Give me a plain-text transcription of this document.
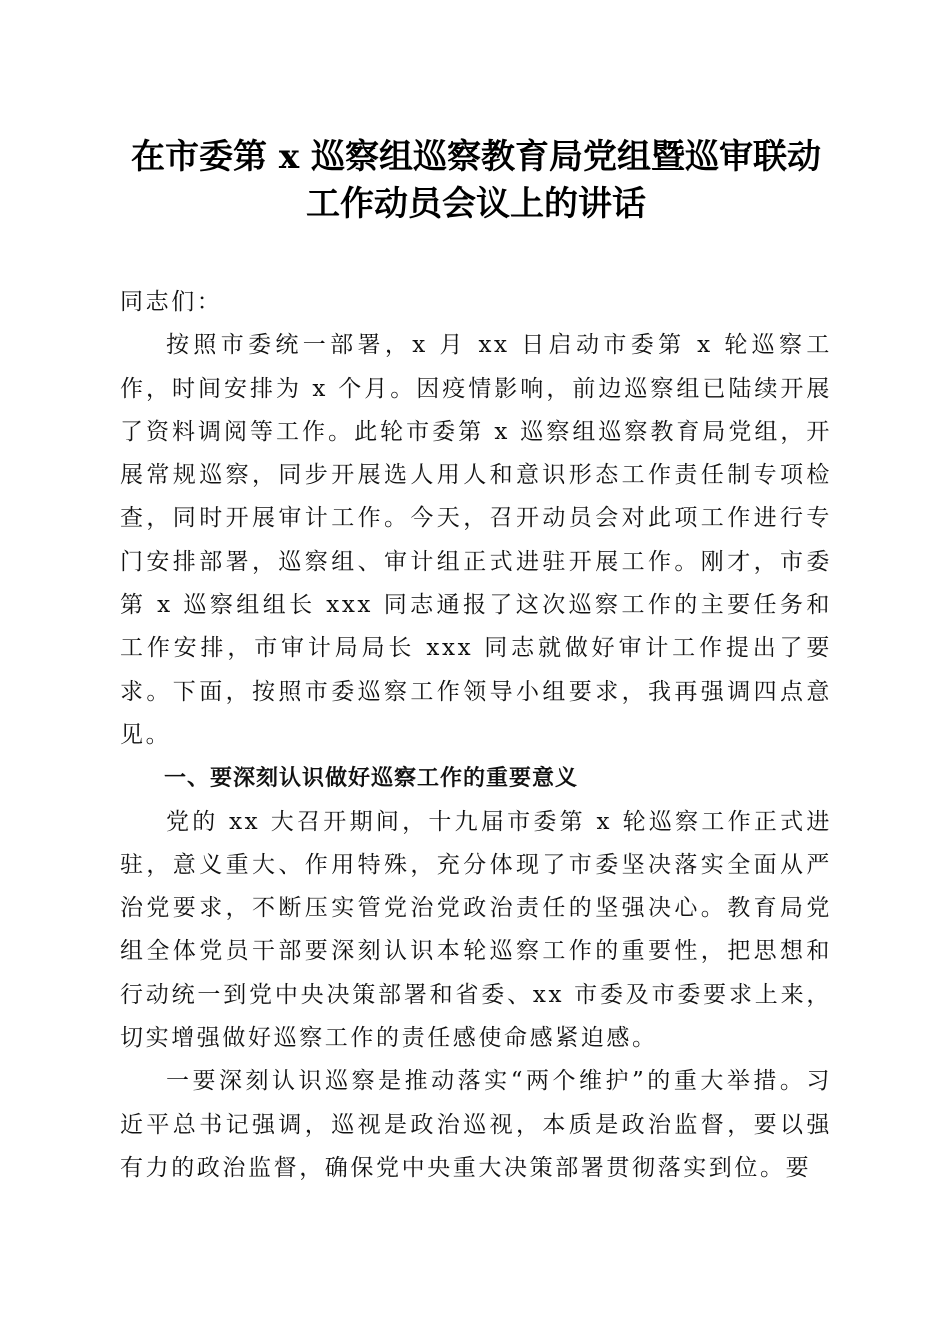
在市委第 x 巡察组巡察教育局党组暨巡审联动
工作动员会议上的讲话

同志们：

按照市委统一部署，x 月 xx 日启动市委第 x 轮巡察工作，时间安排为 x 个月。因疫情影响，前边巡察组已陆续开展了资料调阅等工作。此轮市委第 x 巡察组巡察教育局党组，开展常规巡察，同步开展选人用人和意识形态工作责任制专项检查，同时开展审计工作。今天，召开动员会对此项工作进行专门安排部署，巡察组、审计组正式进驻开展工作。刚才，市委第 x 巡察组组长 xxx 同志通报了这次巡察工作的主要任务和工作安排，市审计局局长 xxx 同志就做好审计工作提出了要求。下面，按照市委巡察工作领导小组要求，我再强调四点意见。

一、要深刻认识做好巡察工作的重要意义

党的 xx 大召开期间，十九届市委第 x 轮巡察工作正式进驻，意义重大、作用特殊，充分体现了市委坚决落实全面从严治党要求，不断压实管党治党政治责任的坚强决心。教育局党组全体党员干部要深刻认识本轮巡察工作的重要性，把思想和行动统一到党中央决策部署和省委、xx 市委及市委要求上来，切实增强做好巡察工作的责任感使命感紧迫感。

一要深刻认识巡察是推动落实“两个维护”的重大举措。习近平总书记强调，巡视是政治巡视，本质是政治监督，要以强有力的政治监督，确保党中央重大决策部署贯彻落实到位。要
